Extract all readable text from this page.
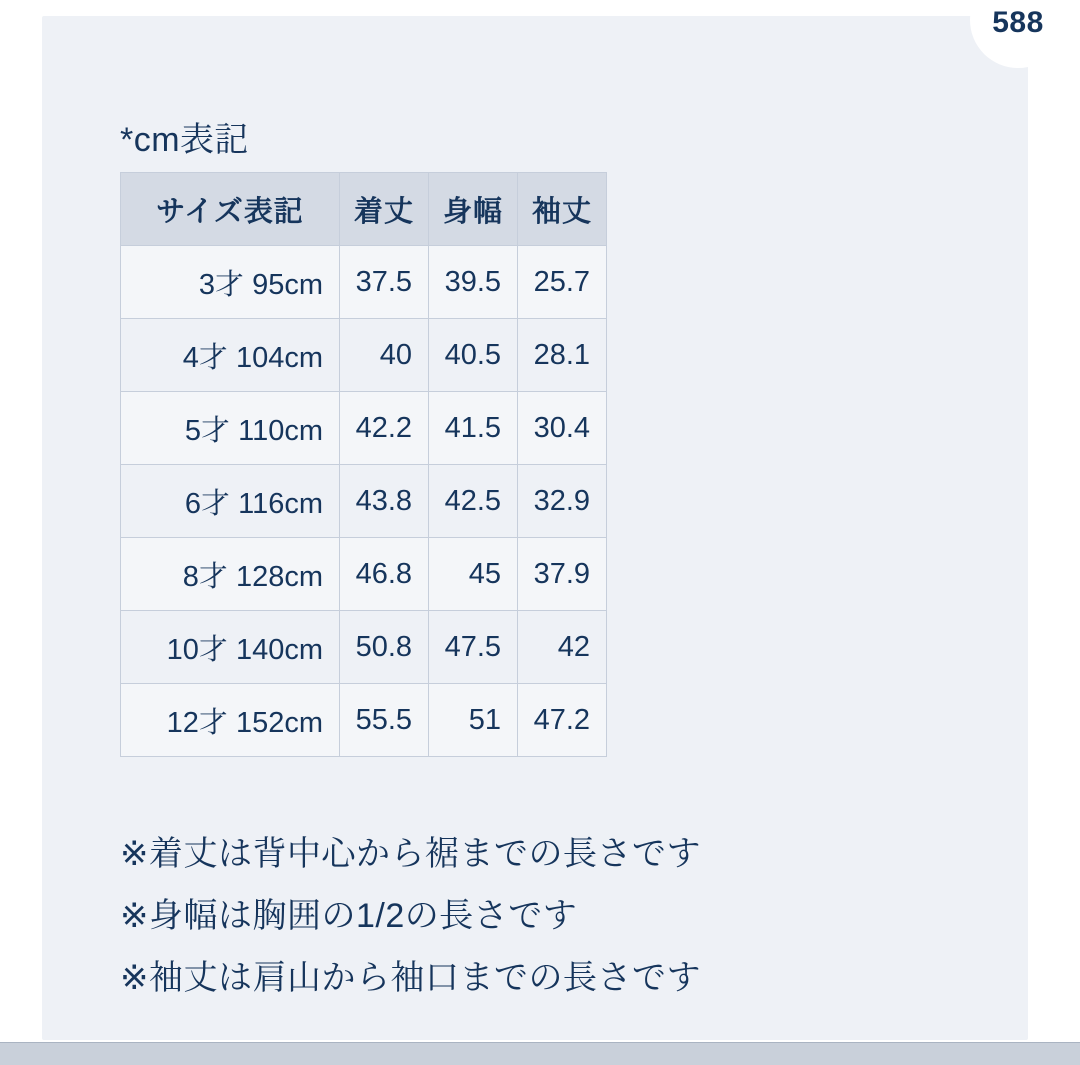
588
*cm表記
サイズ表記	着丈	身幅	袖丈
3才 95cm	37.5	39.5	25.7
4才 104cm	40	40.5	28.1
5才 110cm	42.2	41.5	30.4
6才 116cm	43.8	42.5	32.9
8才 128cm	46.8	45	37.9
10才 140cm	50.8	47.5	42
12才 152cm	55.5	51	47.2
※着丈は背中心から裾までの長さです
※身幅は胸囲の1/2の長さです
※袖丈は肩山から袖口までの長さです
